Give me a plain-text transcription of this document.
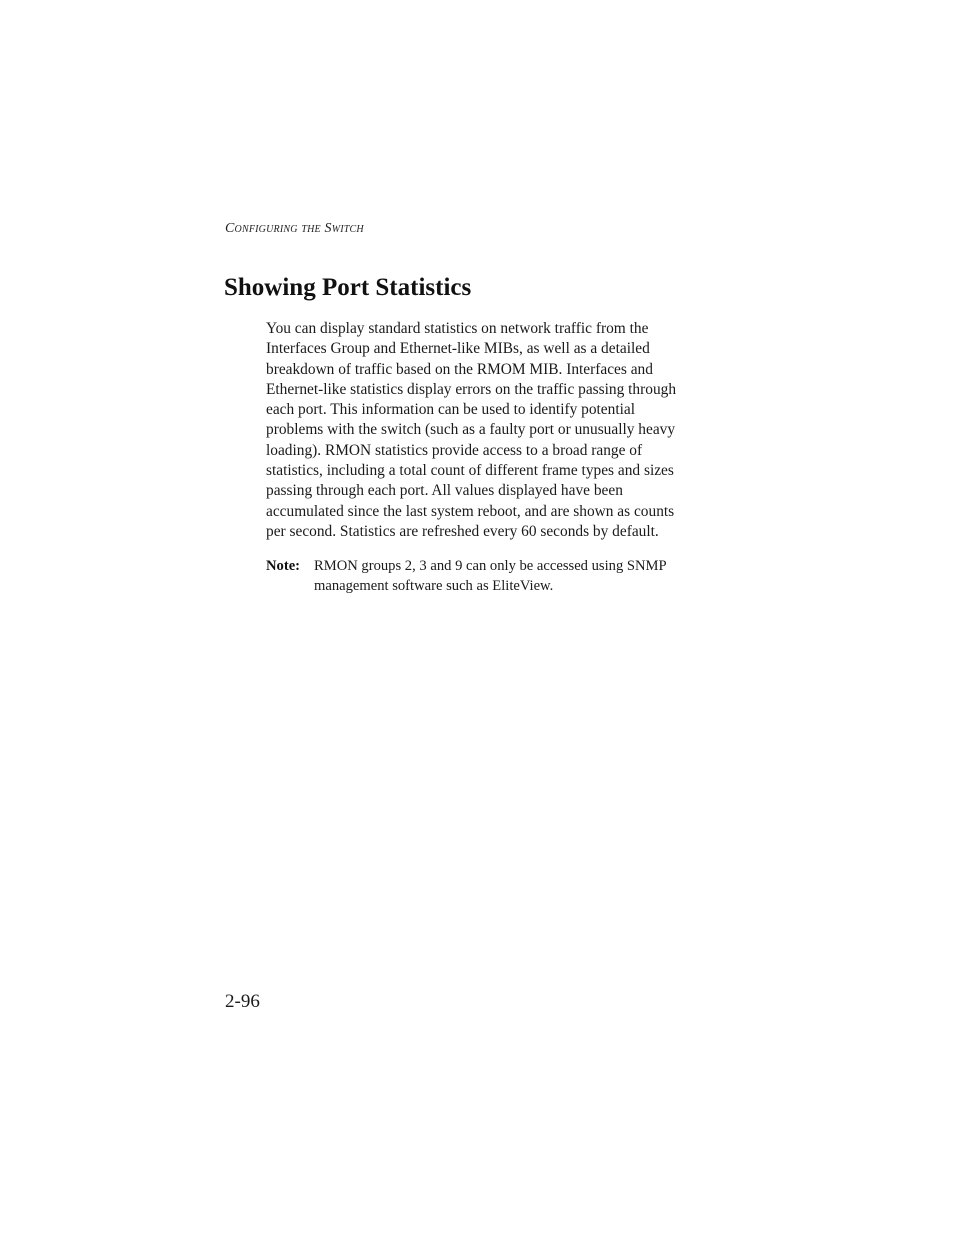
Configuring the Switch
Showing Port Statistics
You can display standard statistics on network traffic from the
Interfaces Group and Ethernet-like MIBs, as well as a detailed
breakdown of traffic based on the RMOM MIB. Interfaces and
Ethernet-like statistics display errors on the traffic passing through
each port. This information can be used to identify potential
problems with the switch (such as a faulty port or unusually heavy
loading). RMON statistics provide access to a broad range of
statistics, including a total count of different frame types and sizes
passing through each port. All values displayed have been
accumulated since the last system reboot, and are shown as counts
per second. Statistics are refreshed every 60 seconds by default.
Note: RMON groups 2, 3 and 9 can only be accessed using SNMP
management software such as EliteView.
2-96
